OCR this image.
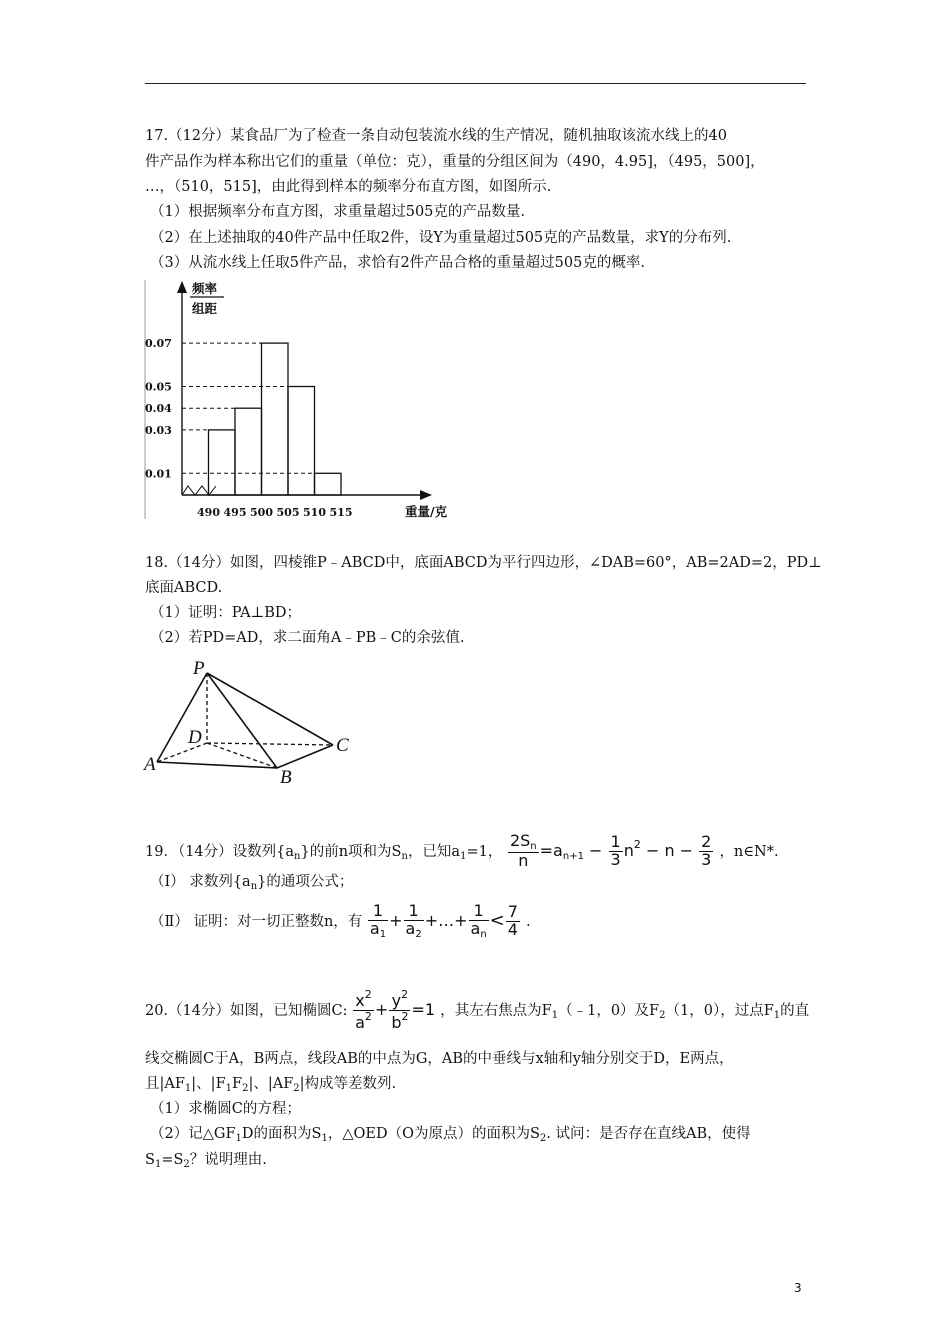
17.（12分）某食品厂为了检查一条自动包装流水线的生产情况，随机抽取该流水线上的40
件产品作为样本称出它们的重量（单位：克），重量的分组区间为（490，4.95]，（495，500]，
…，（510，515]，由此得到样本的频率分布直方图，如图所示.
（1）根据频率分布直方图，求重量超过505克的产品数量.
（2）在上述抽取的40件产品中任取2件，设Y为重量超过505克的产品数量，求Y的分布列.
（3）从流水线上任取5件产品，求恰有2件产品合格的重量超过505克的概率.
0.01
0.03
0.04
0.05
0.07
490 495 500 505 510 515
频率
组距
重量/克
18.（14分）如图，四棱锥P﹣ABCD中，底面ABCD为平行四边形，∠DAB=60°，AB=2AD=2，PD⊥
底面ABCD.
（1）证明：PA⊥BD；
（2）若PD=AD，求二面角A﹣PB﹣C的余弦值.
P
D	C
A
B
19．（14分）设数列$\{a_n\}$的前n项和为$S_n$，已知$a_1=1$， $\frac{2S_n}{n} =a_{n+1} - \frac{1}{3} n^2 - n - \frac{2}{3}$ ，n∈N*.
（Ⅰ） 求数列$\{a_n\}$的通项公式；
（Ⅱ） 证明：对一切正整数n，有 $\frac{1}{a_1} + \frac{1}{a_2}$ +…+ $\frac{1}{a_n} < \frac{7}{4}$ .
20.（14分）如图，已知椭圆C: $\frac{x^2}{a^2} + \frac{y^2}{b^2} =1$ ，其左右焦点为$F_1(﹣1$，0）及$F_2(1$，0），过点$F_1$的直
线交椭圆C于A，B两点，线段AB的中点为G，AB的中垂线与x轴和y轴分别交于D，E两点，
且$|AF_1|$、$|F_1F_2|$、$|AF_2|$构成等差数列.
（1）求椭圆C的方程；
（2）记$\triangle GF_1D$的面积为$S_1$，△OED（O为原点）的面积为$S_2$. 试问：是否存在直线AB，使得
$S_1=S_2$？说明理由.
3
